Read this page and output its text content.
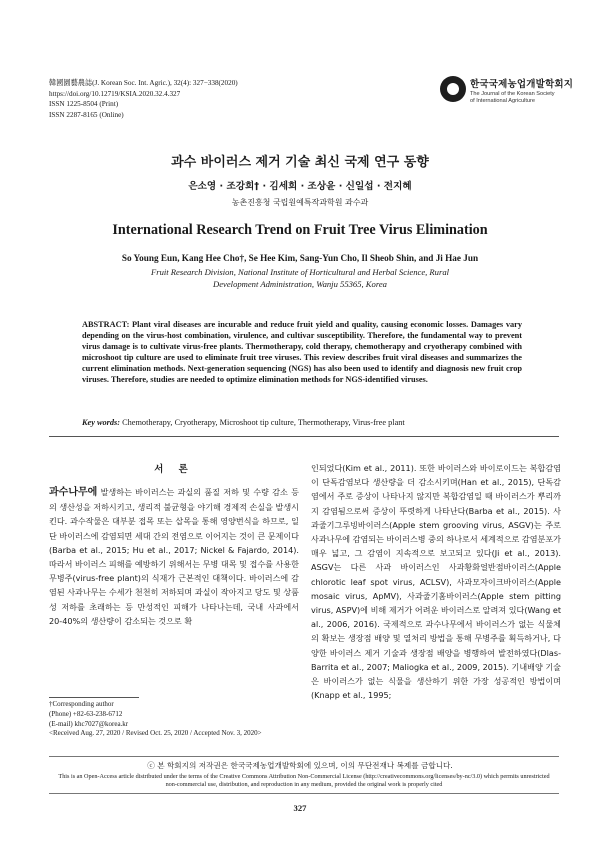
韓國園藝農誌(J. Korean Soc. Int. Agric.), 32(4): 327−338(2020)
https://doi.org/10.12719/KSIA.2020.32.4.327
ISSN 1225-8504 (Print)
ISSN 2287-8165 (Online)
한국국제농업개발학회지
The Journal of the Korean Society
of International Agriculture
과수 바이러스 제거 기술 최신 국제 연구 동향
은소영 · 조강희† · 김세희 · 조상윤 · 신일섭 · 전지혜
농촌진흥청 국립원예특작과학원 과수과
International Research Trend on Fruit Tree Virus Elimination
So Young Eun, Kang Hee Cho†, Se Hee Kim, Sang-Yun Cho, Il Sheob Shin, and Ji Hae Jun
Fruit Research Division, National Institute of Horticultural and Herbal Science, Rural
Development Administration, Wanju 55365, Korea
ABSTRACT: Plant viral diseases are incurable and reduce fruit yield and quality, causing economic losses. Damages vary depending on the virus-host combination, virulence, and cultivar susceptibility. Therefore, the fundamental way to prevent virus damage is to cultivate virus-free plants. Thermotherapy, cold therapy, chemotherapy and cryotherapy combined with microshoot tip culture are used to eliminate fruit tree viruses. This review describes fruit viral diseases and summarizes the current elimination methods. Next-generation sequencing (NGS) has also been used to identify and diagnosis new fruit crop viruses. Therefore, studies are needed to optimize elimination methods for NGS-identified viruses.
Key words: Chemotherapy, Cryotherapy, Microshoot tip culture, Thermotherapy, Virus-free plant
서 론

과수나무에 발생하는 바이러스는 과실의 품질 저하 및 수량 감소 등의 생산성을 저하시키고, 생리적 불균형을 야기해 경제적 손실을 발생시킨다. 과수작물은 대부분 접목 또는 삽목을 통해 영양번식을 하므로, 일단 바이러스에 감염되면 세대 간의 전염으로 이어지는 것이 큰 문제이다(Barba et al., 2015; Hu et al., 2017; Nickel & Fajardo, 2014). 따라서 바이러스 피해를 예방하기 위해서는 무병 대목 및 접수를 사용한 무병주(virus-free plant)의 식재가 근본적인 대책이다. 바이러스에 감염된 사과나무는 수세가 천천히 저하되며 과실이 작아지고 당도 및 상품성 저하를 초래하는 등 만성적인 피해가 나타나는데, 국내 사과에서 20-40%의 생산량이 감소되는 것으로 확

인되었다(Kim et al., 2011). 또한 바이러스와 바이로이드는 복합감염이 단독감염보다 생산량을 더 감소시키며(Han et al., 2015), 단독감염에서 주로 증상이 나타나지 않지만 복합감염일 때 바이러스가 뿌리까지 감염됨으로써 증상이 뚜렷하게 나타난다(Barba et al., 2015). 사과줄기그루빙바이러스(Apple stem grooving virus, ASGV)는 주로 사과나무에 감염되는 바이러스병 중의 하나로서 세계적으로 감염분포가 매우 넓고, 그 감염이 지속적으로 보고되고 있다(Ji et al., 2013). ASGV는 다른 사과 바이러스인 사과황화얼반점바이러스(Apple chlorotic leaf spot virus, ACLSV), 사과모자이크바이러스(Apple mosaic virus, ApMV), 사과줄기홈바이러스(Apple stem pitting virus, ASPV)에 비해 제거가 어려운 바이러스로 알려져 있다(Wang et al., 2006, 2016). 국제적으로 과수나무에서 바이러스가 없는 식물체의 확보는 생장점 배양 및 열처리 방법을 통해 무병주를 획득하거나, 다양한 바이러스 제거 기술과 생장점 배양을 병행하여 발전하였다(Dlas-Barrita et al., 2007; Maliogka et al., 2009, 2015). 기내배양 기술은 바이러스가 없는 식물을 생산하기 위한 가장 성공적인 방법이며(Knapp et al., 1995;

†Corresponding author
(Phone) +82-63-238-6712
(E-mail) khc7027@korea.kr
<Received Aug. 27, 2020 / Revised Oct. 25, 2020 / Accepted Nov. 3, 2020>
ⓒ 본 학회지의 저작권은 한국국제농업개발학회에 있으며, 이의 무단전재나 복제를 금합니다.
This is an Open-Access article distributed under the terms of the Creative Commons Attribution Non-Commercial License (http://creativecommons.org/licenses/by-nc/3.0) which permits unrestricted non-commercial use, distribution, and reproduction in any medium, provided the original work is properly cited
327
